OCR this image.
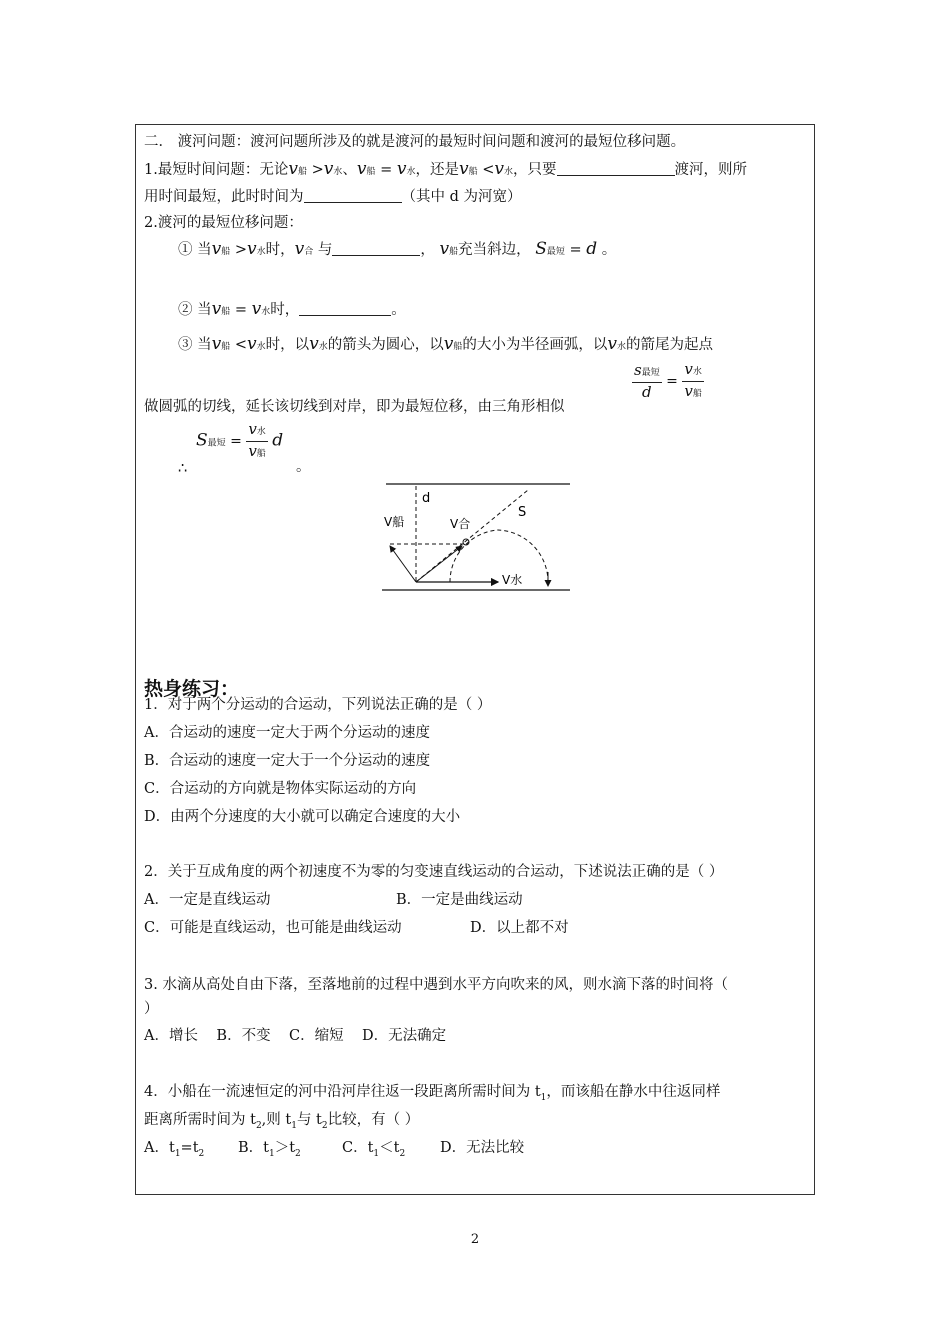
二． 渡河问题：渡河问题所涉及的就是渡河的最短时间问题和渡河的最短位移问题。
1.最短时间问题：无论v船 >v水、v船 = v水，还是v船 <v水，只要	渡河，则所
用时间最短，此时时间为	（其中 d 为河宽）
2.渡河的最短位移问题：
① 当v船 >v水时，v合 与	， v船充当斜边， S最短 = d 。
② 当v船 = v水时，	。
③ 当v船 <v水时，以v水的箭头为圆心，以v船的大小为半径画弧，以v水的箭尾为起点
$\frac{\text{s最短}}{d} = \frac{\text{v水}}{\text{v船}}$
做圆弧的切线，延长该切线到对岸，即为最短位移，由三角形相似
S最短 = $\frac{\text{v水}}{\text{v船}}$ d
∴	。
d
V船	V合
S
V水
热身练习：
1．对于两个分运动的合运动，下列说法正确的是（ ）
A．合运动的速度一定大于两个分运动的速度
B．合运动的速度一定大于一个分运动的速度
C．合运动的方向就是物体实际运动的方向
D．由两个分速度的大小就可以确定合速度的大小
2．关于互成角度的两个初速度不为零的匀变速直线运动的合运动，下述说法正确的是（ ）
A．一定是直线运动	B．一定是曲线运动
C．可能是直线运动，也可能是曲线运动	D．以上都不对
3. 水滴从高处自由下落，至落地前的过程中遇到水平方向吹来的风，则水滴下落的时间将（
）
A．增长    B．不变    C．缩短    D．无法确定
4．小船在一流速恒定的河中沿河岸往返一段距离所需时间为 $t_1$，而该船在静水中往返同样
距离所需时间为 $t_2$,则 $t_1$与 $t_2$比较，有（ ）
A．$t_1=t_2$ B．$t_1>t_2$	C．$t_1<t_2$ D．无法比较
2
